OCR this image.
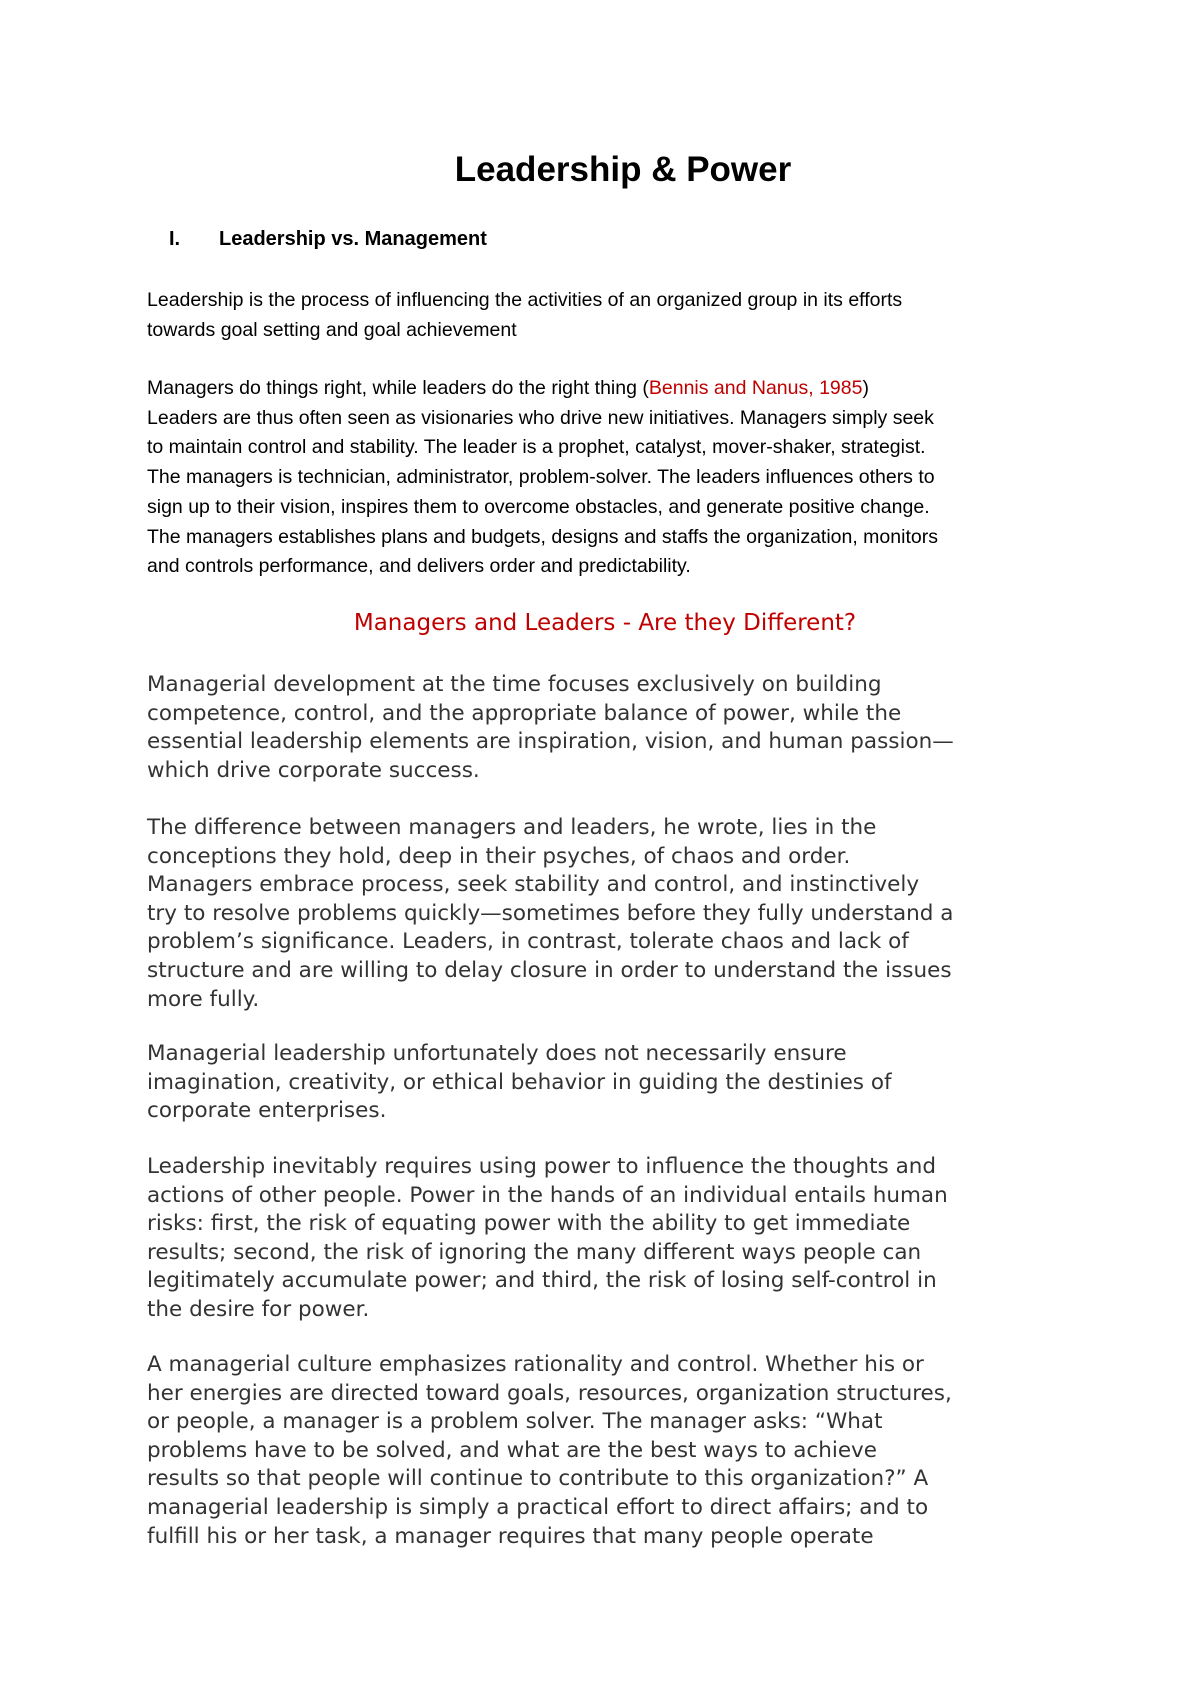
Leadership & Power
I. Leadership vs. Management
Leadership is the process of influencing the activities of an organized group in its efforts
towards goal setting and goal achievement
Managers do things right, while leaders do the right thing (Bennis and Nanus, 1985)
Leaders are thus often seen as visionaries who drive new initiatives. Managers simply seek
to maintain control and stability. The leader is a prophet, catalyst, mover-shaker, strategist.
The managers is technician, administrator, problem-solver. The leaders influences others to
sign up to their vision, inspires them to overcome obstacles, and generate positive change.
The managers establishes plans and budgets, designs and staffs the organization, monitors
and controls performance, and delivers order and predictability.
Managers and Leaders - Are they Different?
Managerial development at the time focuses exclusively on building
competence, control, and the appropriate balance of power, while the
essential leadership elements are inspiration, vision, and human passion—
which drive corporate success.
The difference between managers and leaders, he wrote, lies in the
conceptions they hold, deep in their psyches, of chaos and order.
Managers embrace process, seek stability and control, and instinctively
try to resolve problems quickly—sometimes before they fully understand a
problem’s significance. Leaders, in contrast, tolerate chaos and lack of
structure and are willing to delay closure in order to understand the issues
more fully.
Managerial leadership unfortunately does not necessarily ensure
imagination, creativity, or ethical behavior in guiding the destinies of
corporate enterprises.
Leadership inevitably requires using power to influence the thoughts and
actions of other people. Power in the hands of an individual entails human
risks: first, the risk of equating power with the ability to get immediate
results; second, the risk of ignoring the many different ways people can
legitimately accumulate power; and third, the risk of losing self-control in
the desire for power.
A managerial culture emphasizes rationality and control. Whether his or
her energies are directed toward goals, resources, organization structures,
or people, a manager is a problem solver. The manager asks: “What
problems have to be solved, and what are the best ways to achieve
results so that people will continue to contribute to this organization?” A
managerial leadership is simply a practical effort to direct affairs; and to
fulfill his or her task, a manager requires that many people operate
